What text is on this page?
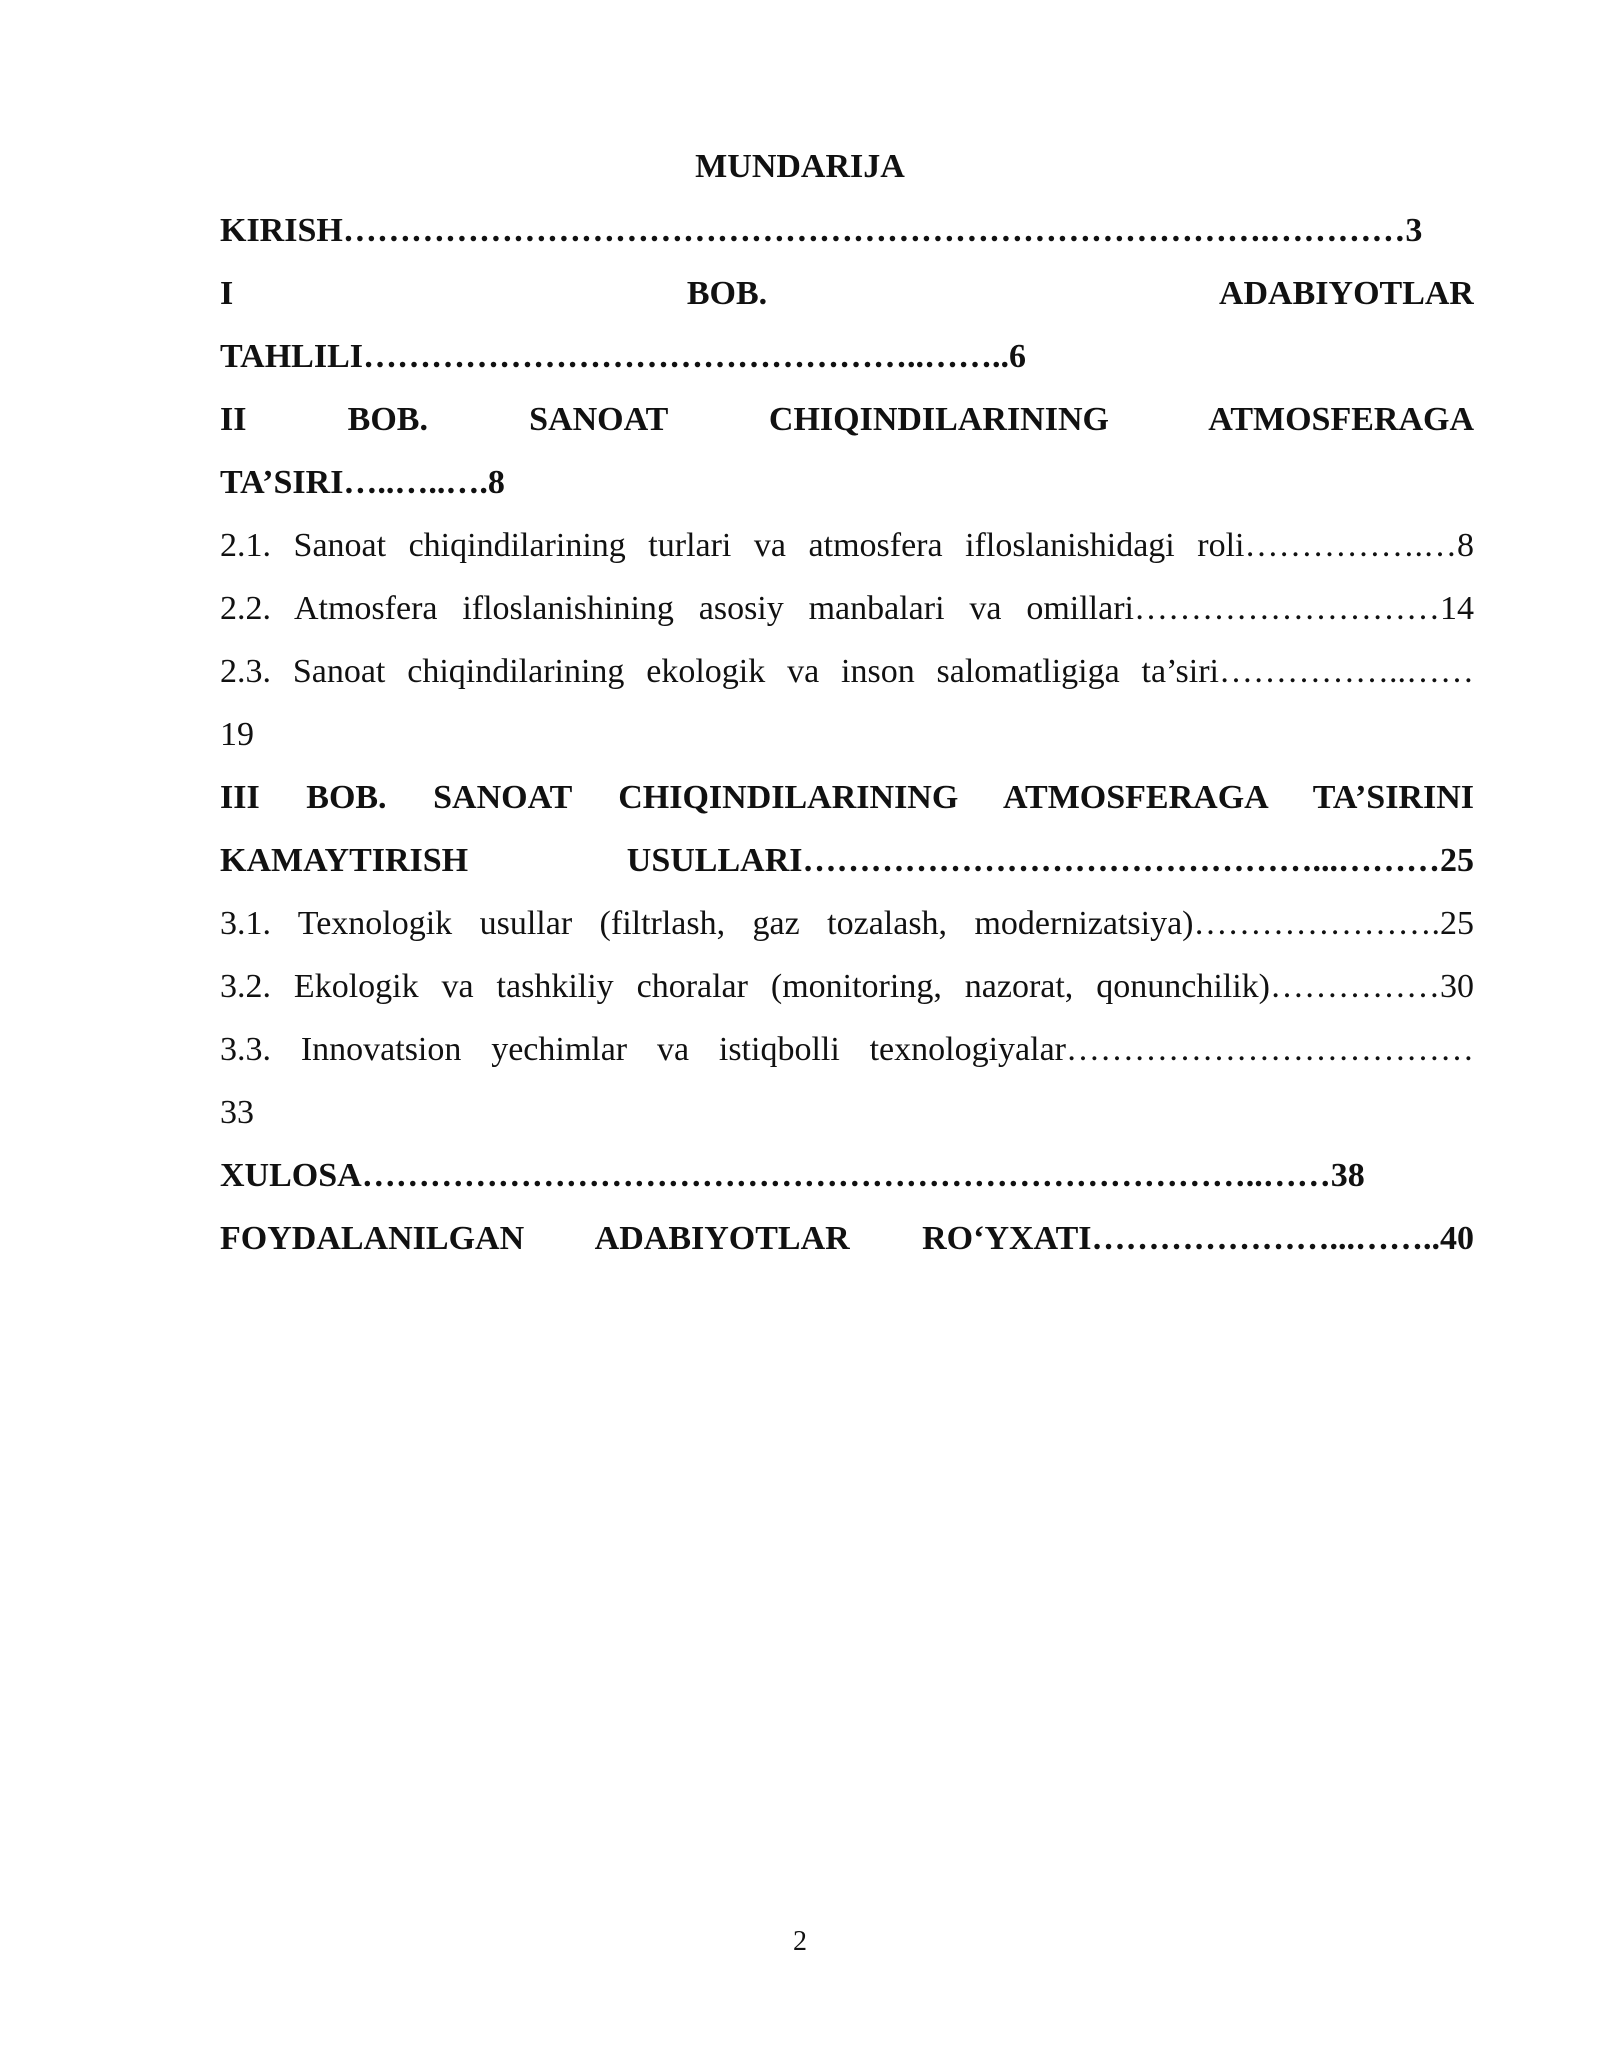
MUNDARIJA
KIRISH……………………………………………………………………….…………3
I BOB. ADABIYOTLAR
TAHLILI…………………………………………..……..6
II BOB. SANOAT CHIQINDILARINING ATMOSFERAGA
TA’SIRI…..…..….8
2.1. Sanoat chiqindilarining turlari va atmosfera ifloslanishidagi roli…………….…8
2.2. Atmosfera ifloslanishining asosiy manbalari va omillari………………………14
2.3. Sanoat chiqindilarining ekologik va inson salomatligiga ta’siri……………..……
19
III BOB. SANOAT CHIQINDILARINING ATMOSFERAGA TA’SIRINI
KAMAYTIRISH USULLARI………………………………………...………25
3.1. Texnologik usullar (filtrlash, gaz tozalash, modernizatsiya)………………….25
3.2. Ekologik va tashkiliy choralar (monitoring, nazorat, qonunchilik)……………30
3.3. Innovatsion yechimlar va istiqbolli texnologiyalar………………………………
33
XULOSA……………………………………………………………………..……38
FOYDALANILGAN ADABIYOTLAR RO‘YXATI…………………...……..40
2
